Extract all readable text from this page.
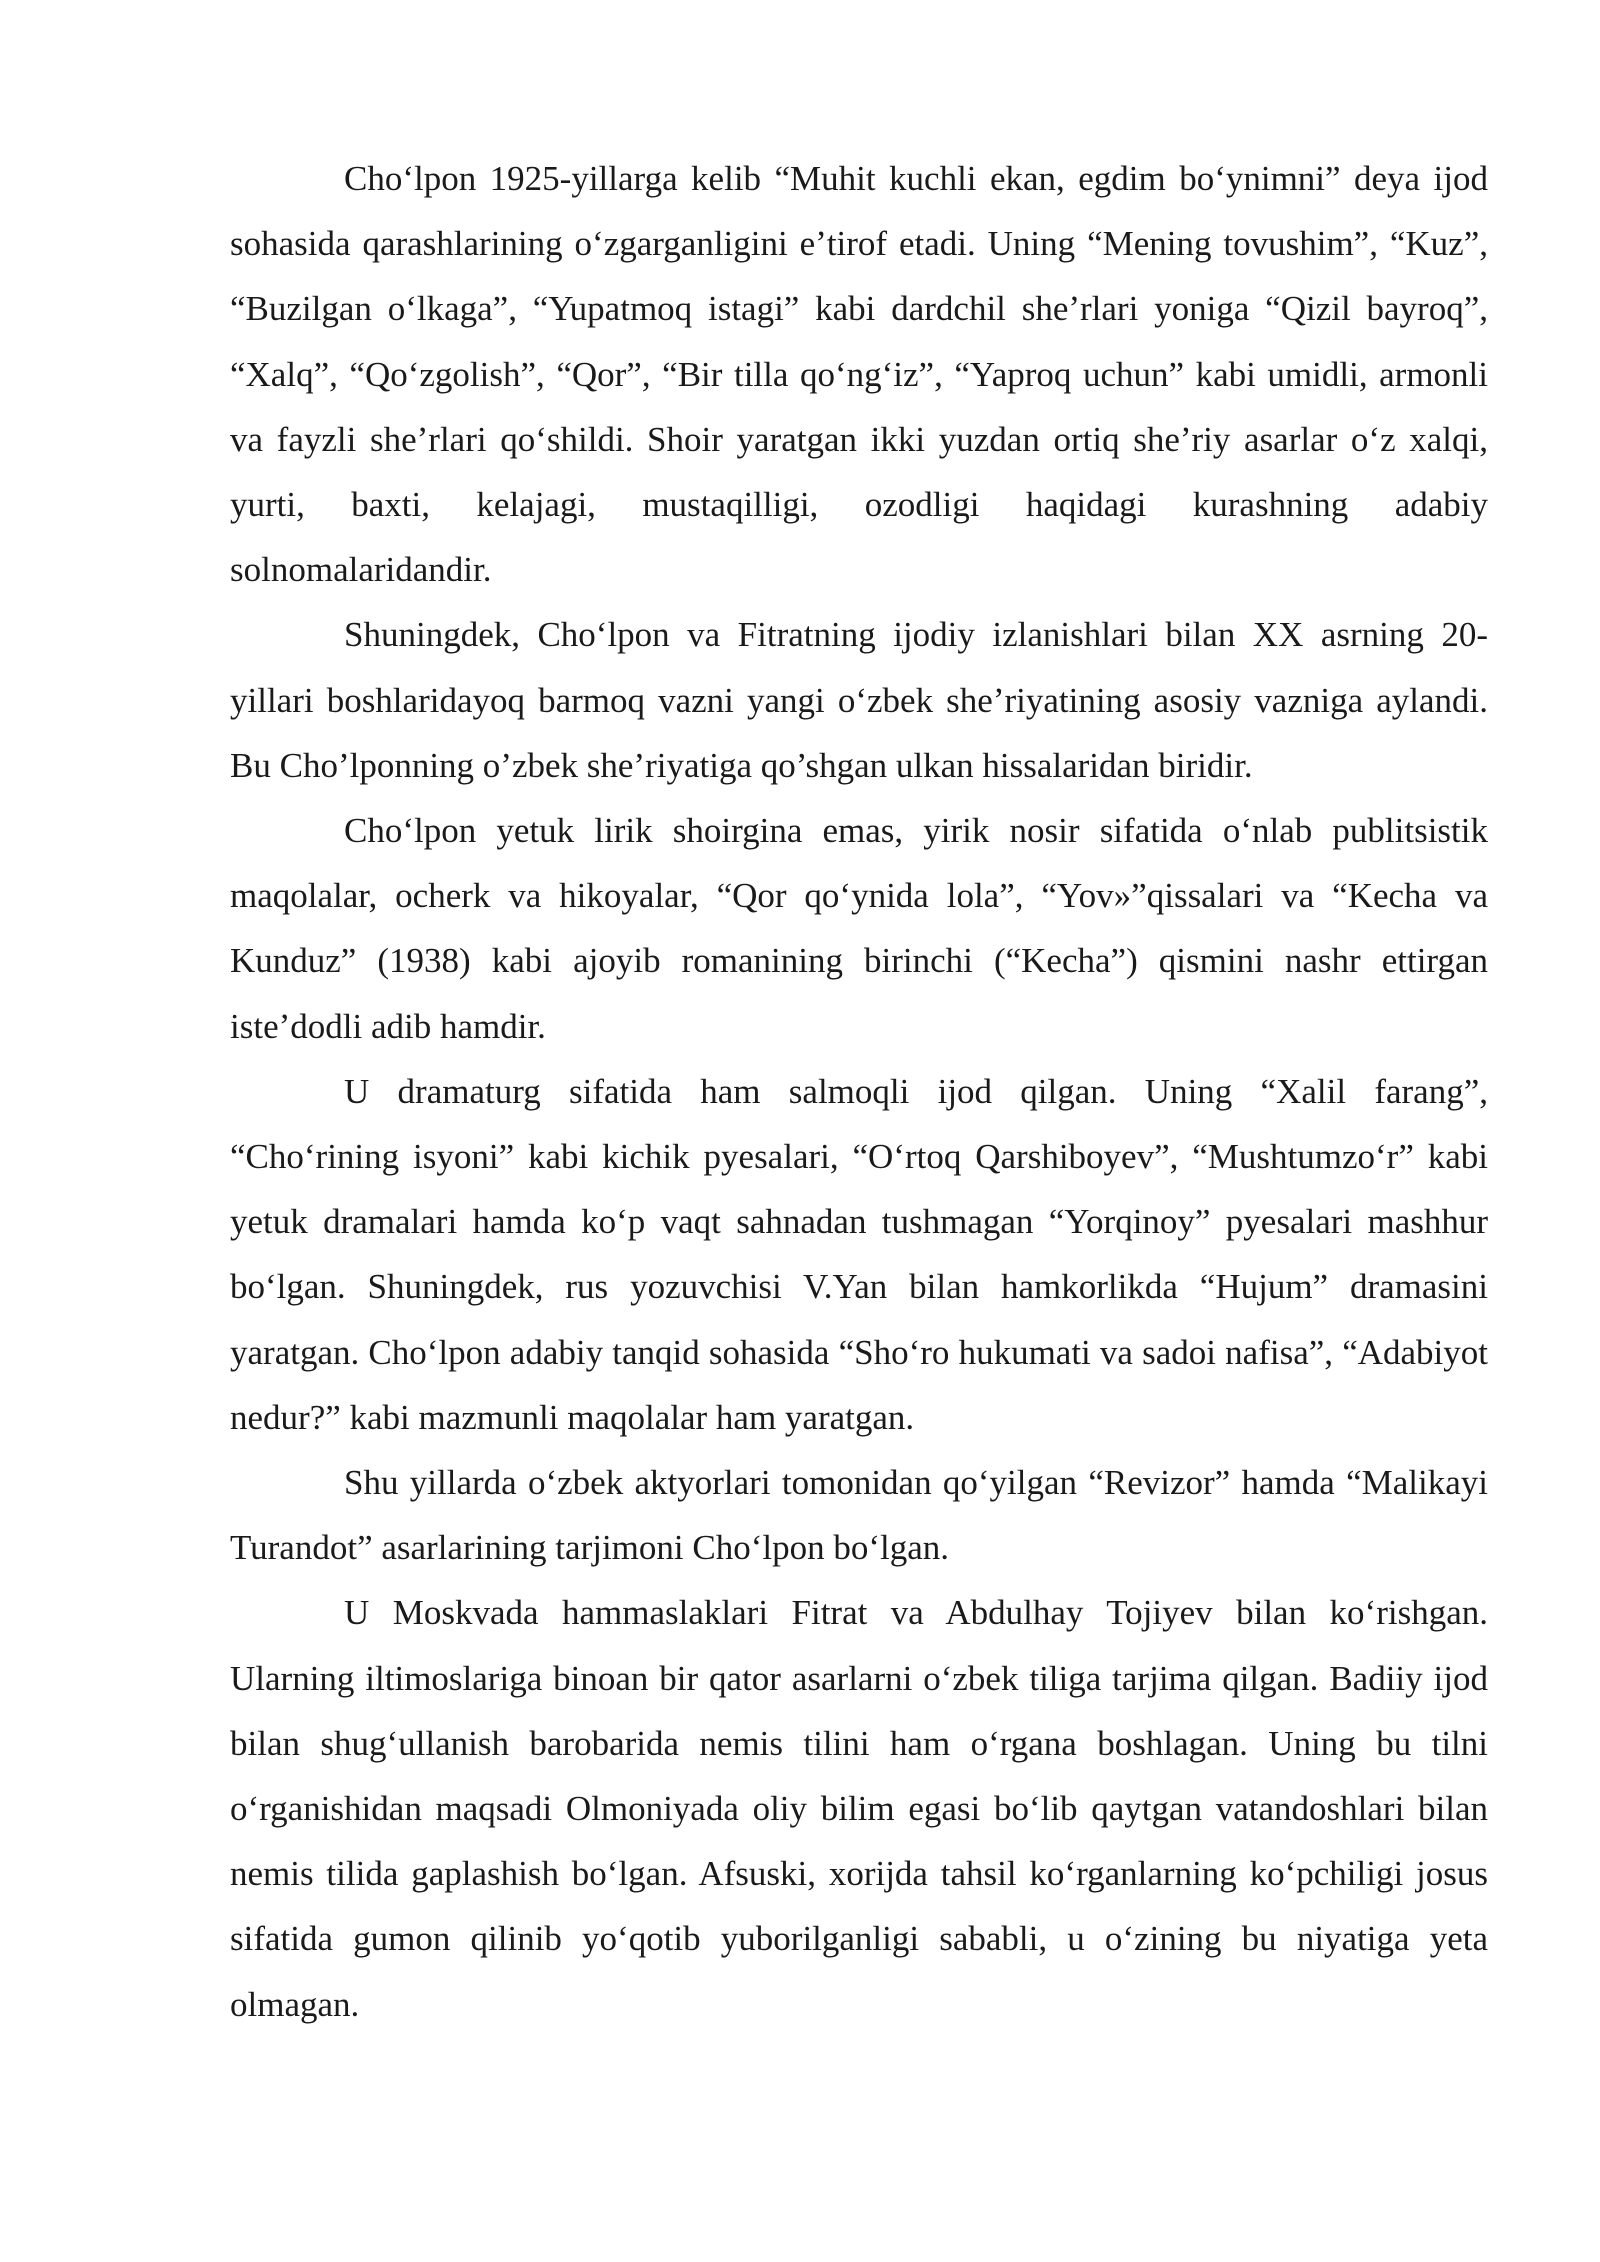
Choʻlpon 1925-yillarga kelib “Muhit kuchli ekan, egdim boʻynimni” deya ijod sohasida qarashlarining oʻzgarganligini eʼtirof etadi. Uning “Mening tovushim”, “Kuz”, “Buzilgan oʻlkaga”, “Yupatmoq istagi” kabi dardchil sheʼrlari yoniga “Qizil bayroq”, “Xalq”, “Qoʻzgolish”, “Qor”, “Bir tilla qoʻngʻiz”, “Yaproq uchun” kabi umidli, armonli va fayzli sheʼrlari qoʻshildi. Shoir yaratgan ikki yuzdan ortiq sheʼriy asarlar oʻz xalqi, yurti, baxti, kelajagi, mustaqilligi, ozodligi haqidagi kurashning adabiy solnomalaridandir.

Shuningdek, Choʻlpon va Fitratning ijodiy izlanishlari bilan XX asrning 20-yillari boshlaridayoq barmoq vazni yangi oʻzbek sheʼriyatining asosiy vazniga aylandi. Bu Cho’lponning o’zbek she’riyatiga qo’shgan ulkan hissalaridan biridir.

Choʻlpon yetuk lirik shoirgina emas, yirik nosir sifatida oʻnlab publitsistik maqolalar, ocherk va hikoyalar, “Qor qoʻynida lola”, “Yov»”qissalari va “Kecha va Kunduz” (1938) kabi ajoyib romanining birinchi (“Kecha”) qismini nashr ettirgan isteʼdodli adib hamdir.

U dramaturg sifatida ham salmoqli ijod qilgan. Uning “Xalil farang”, “Choʻrining isyoni” kabi kichik pyesalari, “Oʻrtoq Qarshiboyev”, “Mushtumzoʻr” kabi yetuk dramalari hamda koʻp vaqt sahnadan tushmagan “Yorqinoy” pyesalari mashhur boʻlgan. Shuningdek, rus yozuvchisi V.Yan bilan hamkorlikda “Hujum” dramasini yaratgan. Choʻlpon adabiy tanqid sohasida “Shoʻro hukumati va sadoi nafisa”, “Adabiyot nedur?” kabi mazmunli maqolalar ham yaratgan.

Shu yillarda oʻzbek aktyorlari tomonidan qoʻyilgan “Revizor” hamda “Malikayi Turandot” asarlarining tarjimoni Choʻlpon boʻlgan.

U Moskvada hammaslaklari Fitrat va Abdulhay Tojiyev bilan koʻrishgan. Ularning iltimoslariga binoan bir qator asarlarni oʻzbek tiliga tarjima qilgan. Badiiy ijod bilan shugʻullanish barobarida nemis tilini ham oʻrgana boshlagan. Uning bu tilni oʻrganishidan maqsadi Olmoniyada oliy bilim egasi boʻlib qaytgan vatandoshlari bilan nemis tilida gaplashish boʻlgan. Afsuski, xorijda tahsil koʻrganlarning koʻpchiligi josus sifatida gumon qilinib yoʻqotib yuborilganligi sababli, u oʻzining bu niyatiga yeta olmagan.
